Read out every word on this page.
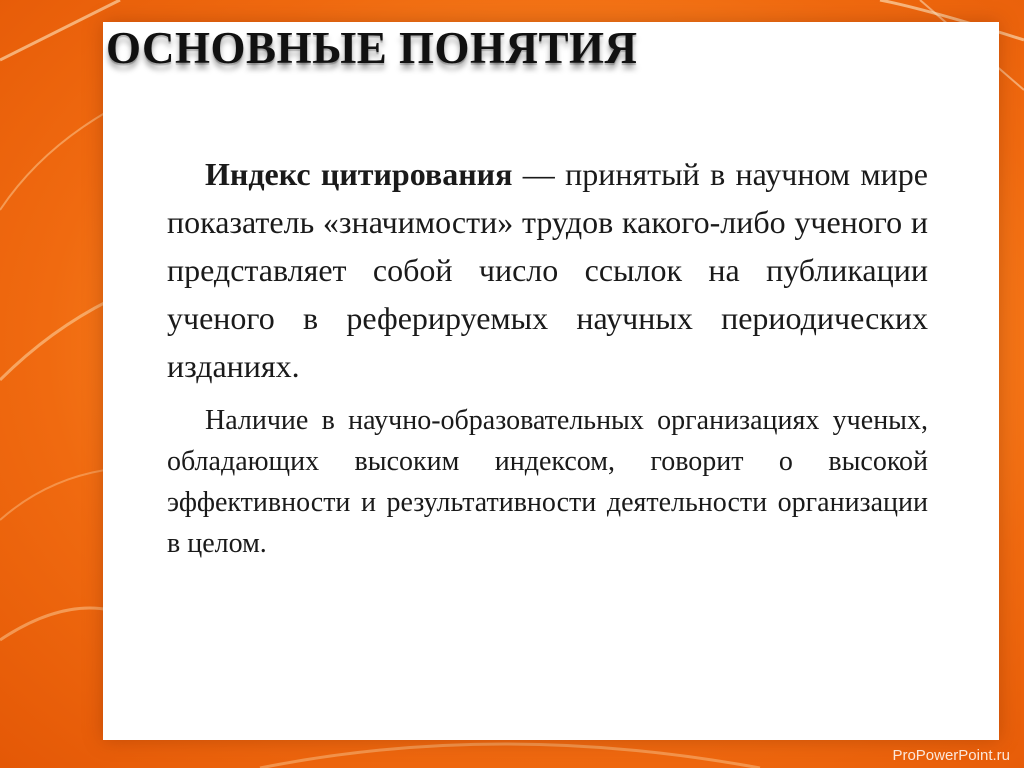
ОСНОВНЫЕ ПОНЯТИЯ

Индекс цитирования — принятый в научном мире показатель «значимости» трудов какого-либо ученого и представляет собой число ссылок на публикации ученого в реферируемых научных периодических изданиях.

Наличие в научно-образовательных организациях ученых, обладающих высоким индексом, говорит о высокой эффективности и результативности деятельности организации в целом.

ProPowerPoint.ru
